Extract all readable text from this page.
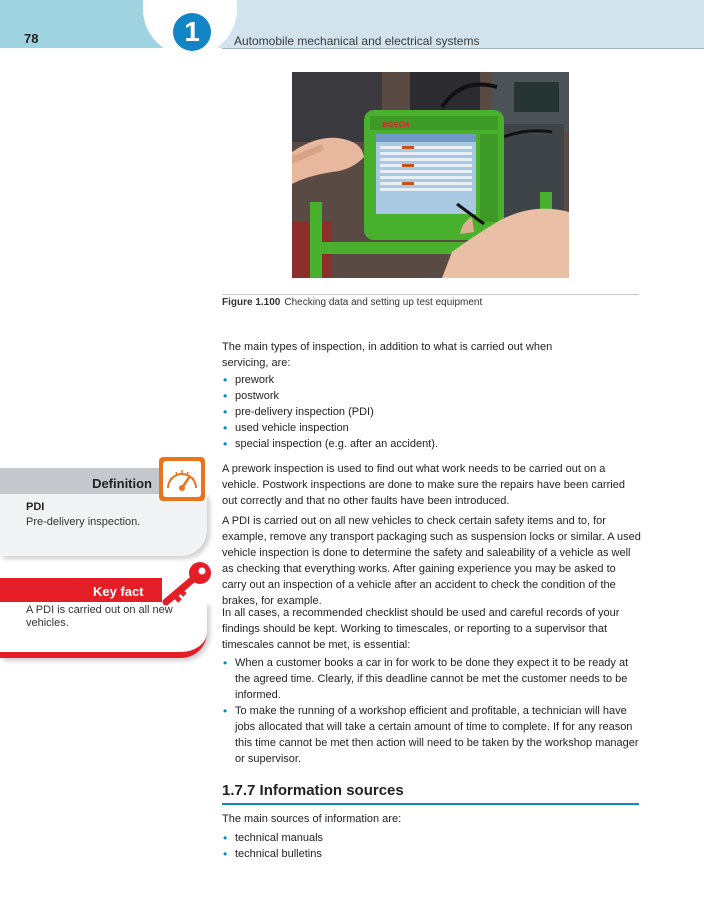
78	1	Automobile mechanical and electrical systems
BOSCH
Figure 1.100 Checking data and setting up test equipment

The main types of inspection, in addition to what is carried out when servicing, are:

• prework
• postwork
• pre-delivery inspection (PDI)
• used vehicle inspection
• special inspection (e.g. after an accident).

A prework inspection is used to find out what work needs to be carried out on a vehicle. Postwork inspections are done to make sure the repairs have been carried out correctly and that no other faults have been introduced.

A PDI is carried out on all new vehicles to check certain safety items and to, for example, remove any transport packaging such as suspension locks or similar. A used vehicle inspection is done to determine the safety and saleability of a vehicle as well as checking that everything works. After gaining experience you may be asked to carry out an inspection of a vehicle after an accident to check the condition of the brakes, for example.

In all cases, a recommended checklist should be used and careful records of your findings should be kept. Working to timescales, or reporting to a supervisor that timescales cannot be met, is essential:

• When a customer books a car in for work to be done they expect it to be ready at the agreed time. Clearly, if this deadline cannot be met the customer needs to be informed.
• To make the running of a workshop efficient and profitable, a technician will have jobs allocated that will take a certain amount of time to complete. If for any reason this time cannot be met then action will need to be taken by the workshop manager or supervisor.
1.7.7 Information sources

The main sources of information are:

• technical manuals
• technical bulletins
Definition
PDI
Pre-delivery inspection.
Key fact
A PDI is carried out on all new vehicles.
